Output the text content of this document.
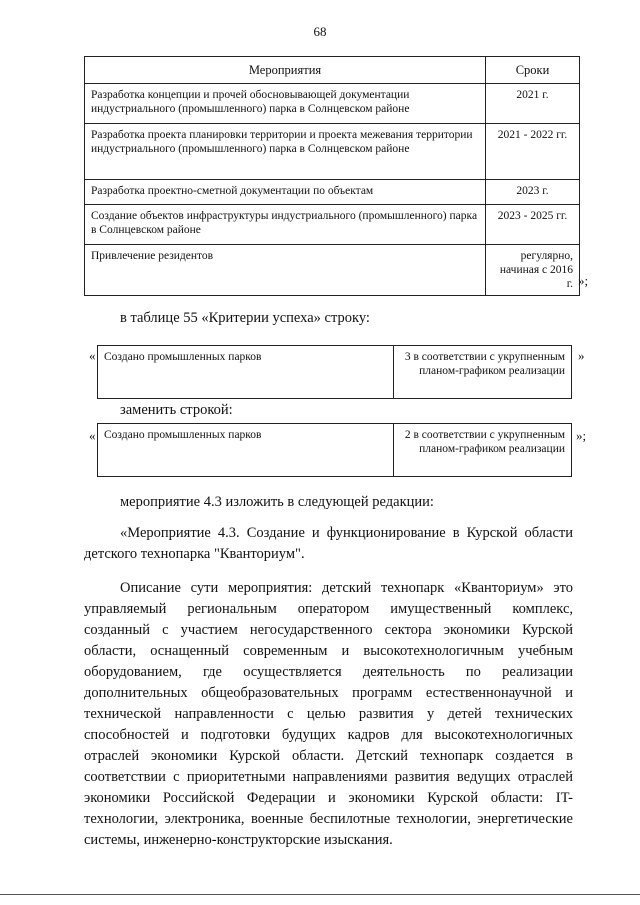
68
Мероприятия	Сроки
Разработка концепции и прочей обосновывающей документации индустриального (промышленного) парка в Солнцевском районе	2021 г.
Разработка проекта планировки территории и проекта межевания территории индустриального (промышленного) парка в Солнцевском районе	2021 - 2022 гг.
Разработка проектно-сметной документации по объектам	2023 г.
Создание объектов инфраструктуры индустриального (промышленного) парка в Солнцевском районе	2023 - 2025 гг.
Привлечение резидентов	регулярно, начиная с 2016 г. »;
в таблице 55 «Критерии успеха» строку:
« Создано промышленных парков	3 в соответствии с укрупненным планом-графиком реализации
»
заменить строкой:
« Создано промышленных парков	2 в соответствии с укрупненным планом-графиком реализации
»;
мероприятие 4.3 изложить в следующей редакции:
«Мероприятие 4.3. Создание и функционирование в Курской области детского технопарка "Кванториум".
Описание сути мероприятия: детский технопарк «Кванториум» это управляемый региональным оператором имущественный комплекс, созданный с участием негосударственного сектора экономики Курской области, оснащенный современным и высокотехнологичным учебным оборудованием, где осуществляется деятельность по реализации дополнительных общеобразовательных программ естественнонаучной и технической направленности с целью развития у детей технических способностей и подготовки будущих кадров для высокотехнологичных отраслей экономики Курской области. Детский технопарк создается в соответствии с приоритетными направлениями развития ведущих отраслей экономики Российской Федерации и экономики Курской области: IT-технологии, электроника, военные беспилотные технологии, энергетические системы, инженерно-конструкторские изыскания.
